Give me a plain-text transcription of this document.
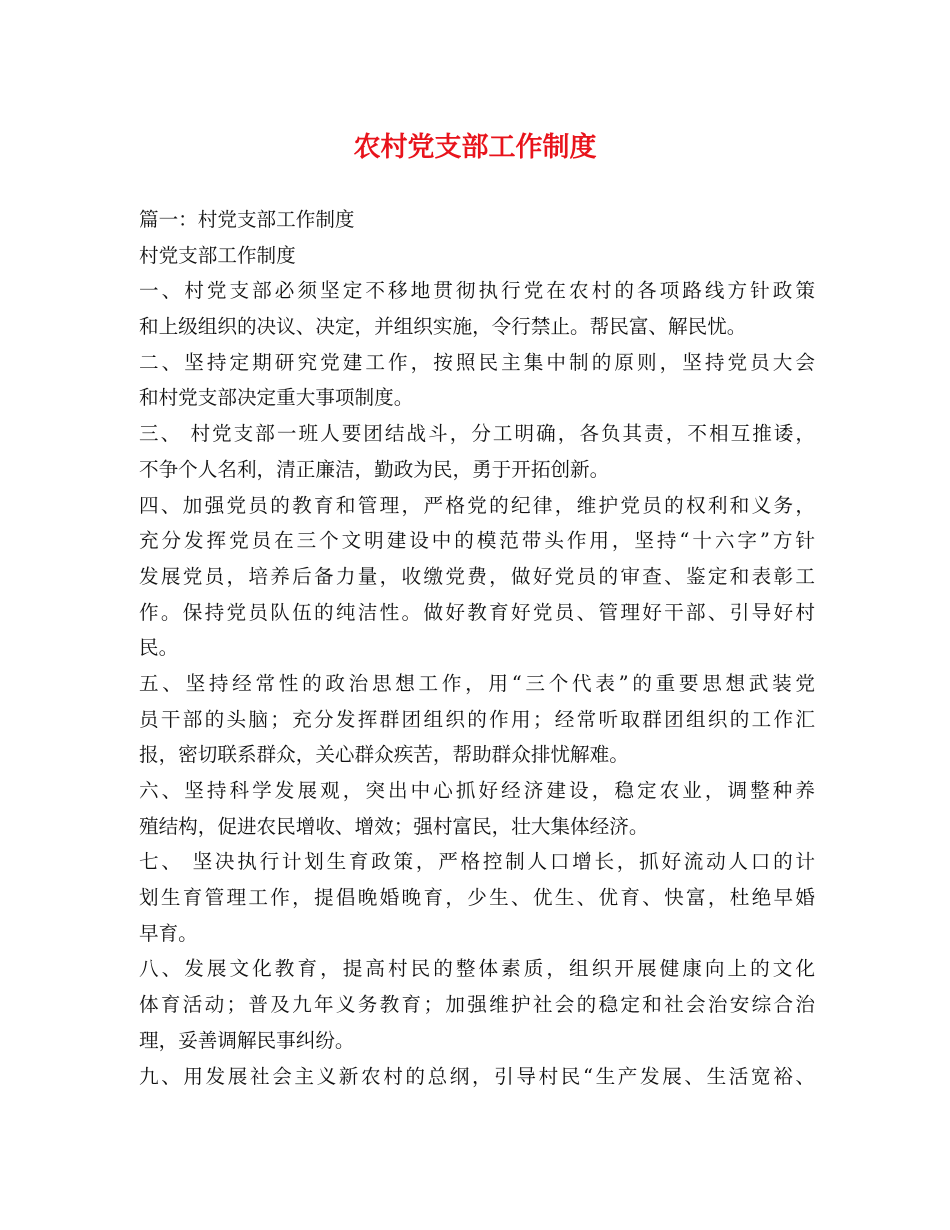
农村党支部工作制度
篇一：村党支部工作制度
村党支部工作制度
一、村党支部必须坚定不移地贯彻执行党在农村的各项路线方针政策
和上级组织的决议、决定，并组织实施，令行禁止。帮民富、解民忧。
二、坚持定期研究党建工作，按照民主集中制的原则，坚持党员大会
和村党支部决定重大事项制度。
三、 村党支部一班人要团结战斗，分工明确，各负其责，不相互推诿，
不争个人名利，清正廉洁，勤政为民，勇于开拓创新。
四、加强党员的教育和管理，严格党的纪律，维护党员的权利和义务，
充分发挥党员在三个文明建设中的模范带头作用，坚持“十六字”方针
发展党员，培养后备力量，收缴党费，做好党员的审查、鉴定和表彰工
作。保持党员队伍的纯洁性。做好教育好党员、管理好干部、引导好村
民。
五、坚持经常性的政治思想工作，用“三个代表”的重要思想武装党
员干部的头脑；充分发挥群团组织的作用；经常听取群团组织的工作汇
报，密切联系群众，关心群众疾苦，帮助群众排忧解难。
六、坚持科学发展观，突出中心抓好经济建设，稳定农业，调整种养
殖结构，促进农民增收、增效；强村富民，壮大集体经济。
七、 坚决执行计划生育政策，严格控制人口增长，抓好流动人口的计
划生育管理工作，提倡晚婚晚育，少生、优生、优育、快富，杜绝早婚
早育。
八、发展文化教育，提高村民的整体素质，组织开展健康向上的文化
体育活动；普及九年义务教育；加强维护社会的稳定和社会治安综合治
理，妥善调解民事纠纷。
九、用发展社会主义新农村的总纲，引导村民“生产发展、生活宽裕、
